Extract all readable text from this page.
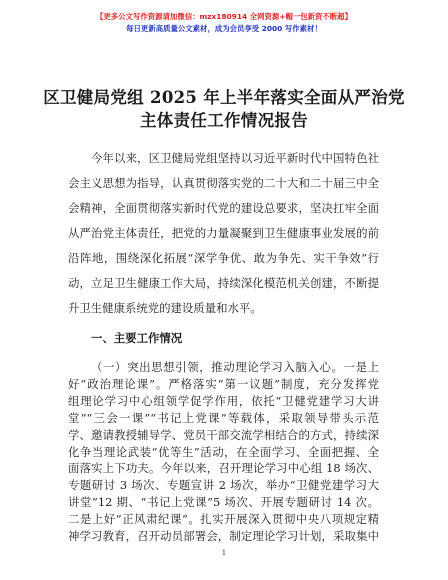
【更多公文写作资源请加微信：mzx180914 全网资源+帽一包新资不断超】
每日更新高质量公文素材，成为会员享受 2000 写作素材！
区卫健局党组 2025 年上半年落实全面从严治党
主体责任工作情况报告
今年以来，区卫健局党组坚持以习近平新时代中国特色社
会主义思想为指导，认真贯彻落实党的二十大和二十届三中全
会精神，全面贯彻落实新时代党的建设总要求，坚决扛牢全面
从严治党主体责任，把党的力量凝聚到卫生健康事业发展的前
沿阵地，围绕深化拓展“深学争优、敢为争先、实干争效”行
动，立足卫生健康工作大局，持续深化模范机关创建，不断提
升卫生健康系统党的建设质量和水平。
一、主要工作情况
（一）突出思想引领，推动理论学习入脑入心。一是上
好“政治理论课”。严格落实“第一议题”制度，充分发挥党
组理论学习中心组领学促学作用，依托“卫健党建学习大讲
堂”“三会一课”“书记上党课”等载体，采取领导带头示范
学、邀请教授辅导学、党员干部交流学相结合的方式，持续深
化争当理论武装“优等生”活动，在全面学习、全面把握、全
面落实上下功夫。今年以来，召开理论学习中心组 18 场次、
专题研讨 3 场次、专题宣讲 2 场次，举办“卫健党建学习大
讲堂”12 期、“书记上党课”5 场次、开展专题研讨 14 次。
二是上好“正风肃纪课”。扎实开展深入贯彻中央八项规定精
神学习教育，召开动员部署会，制定理论学习计划，采取集中
1
